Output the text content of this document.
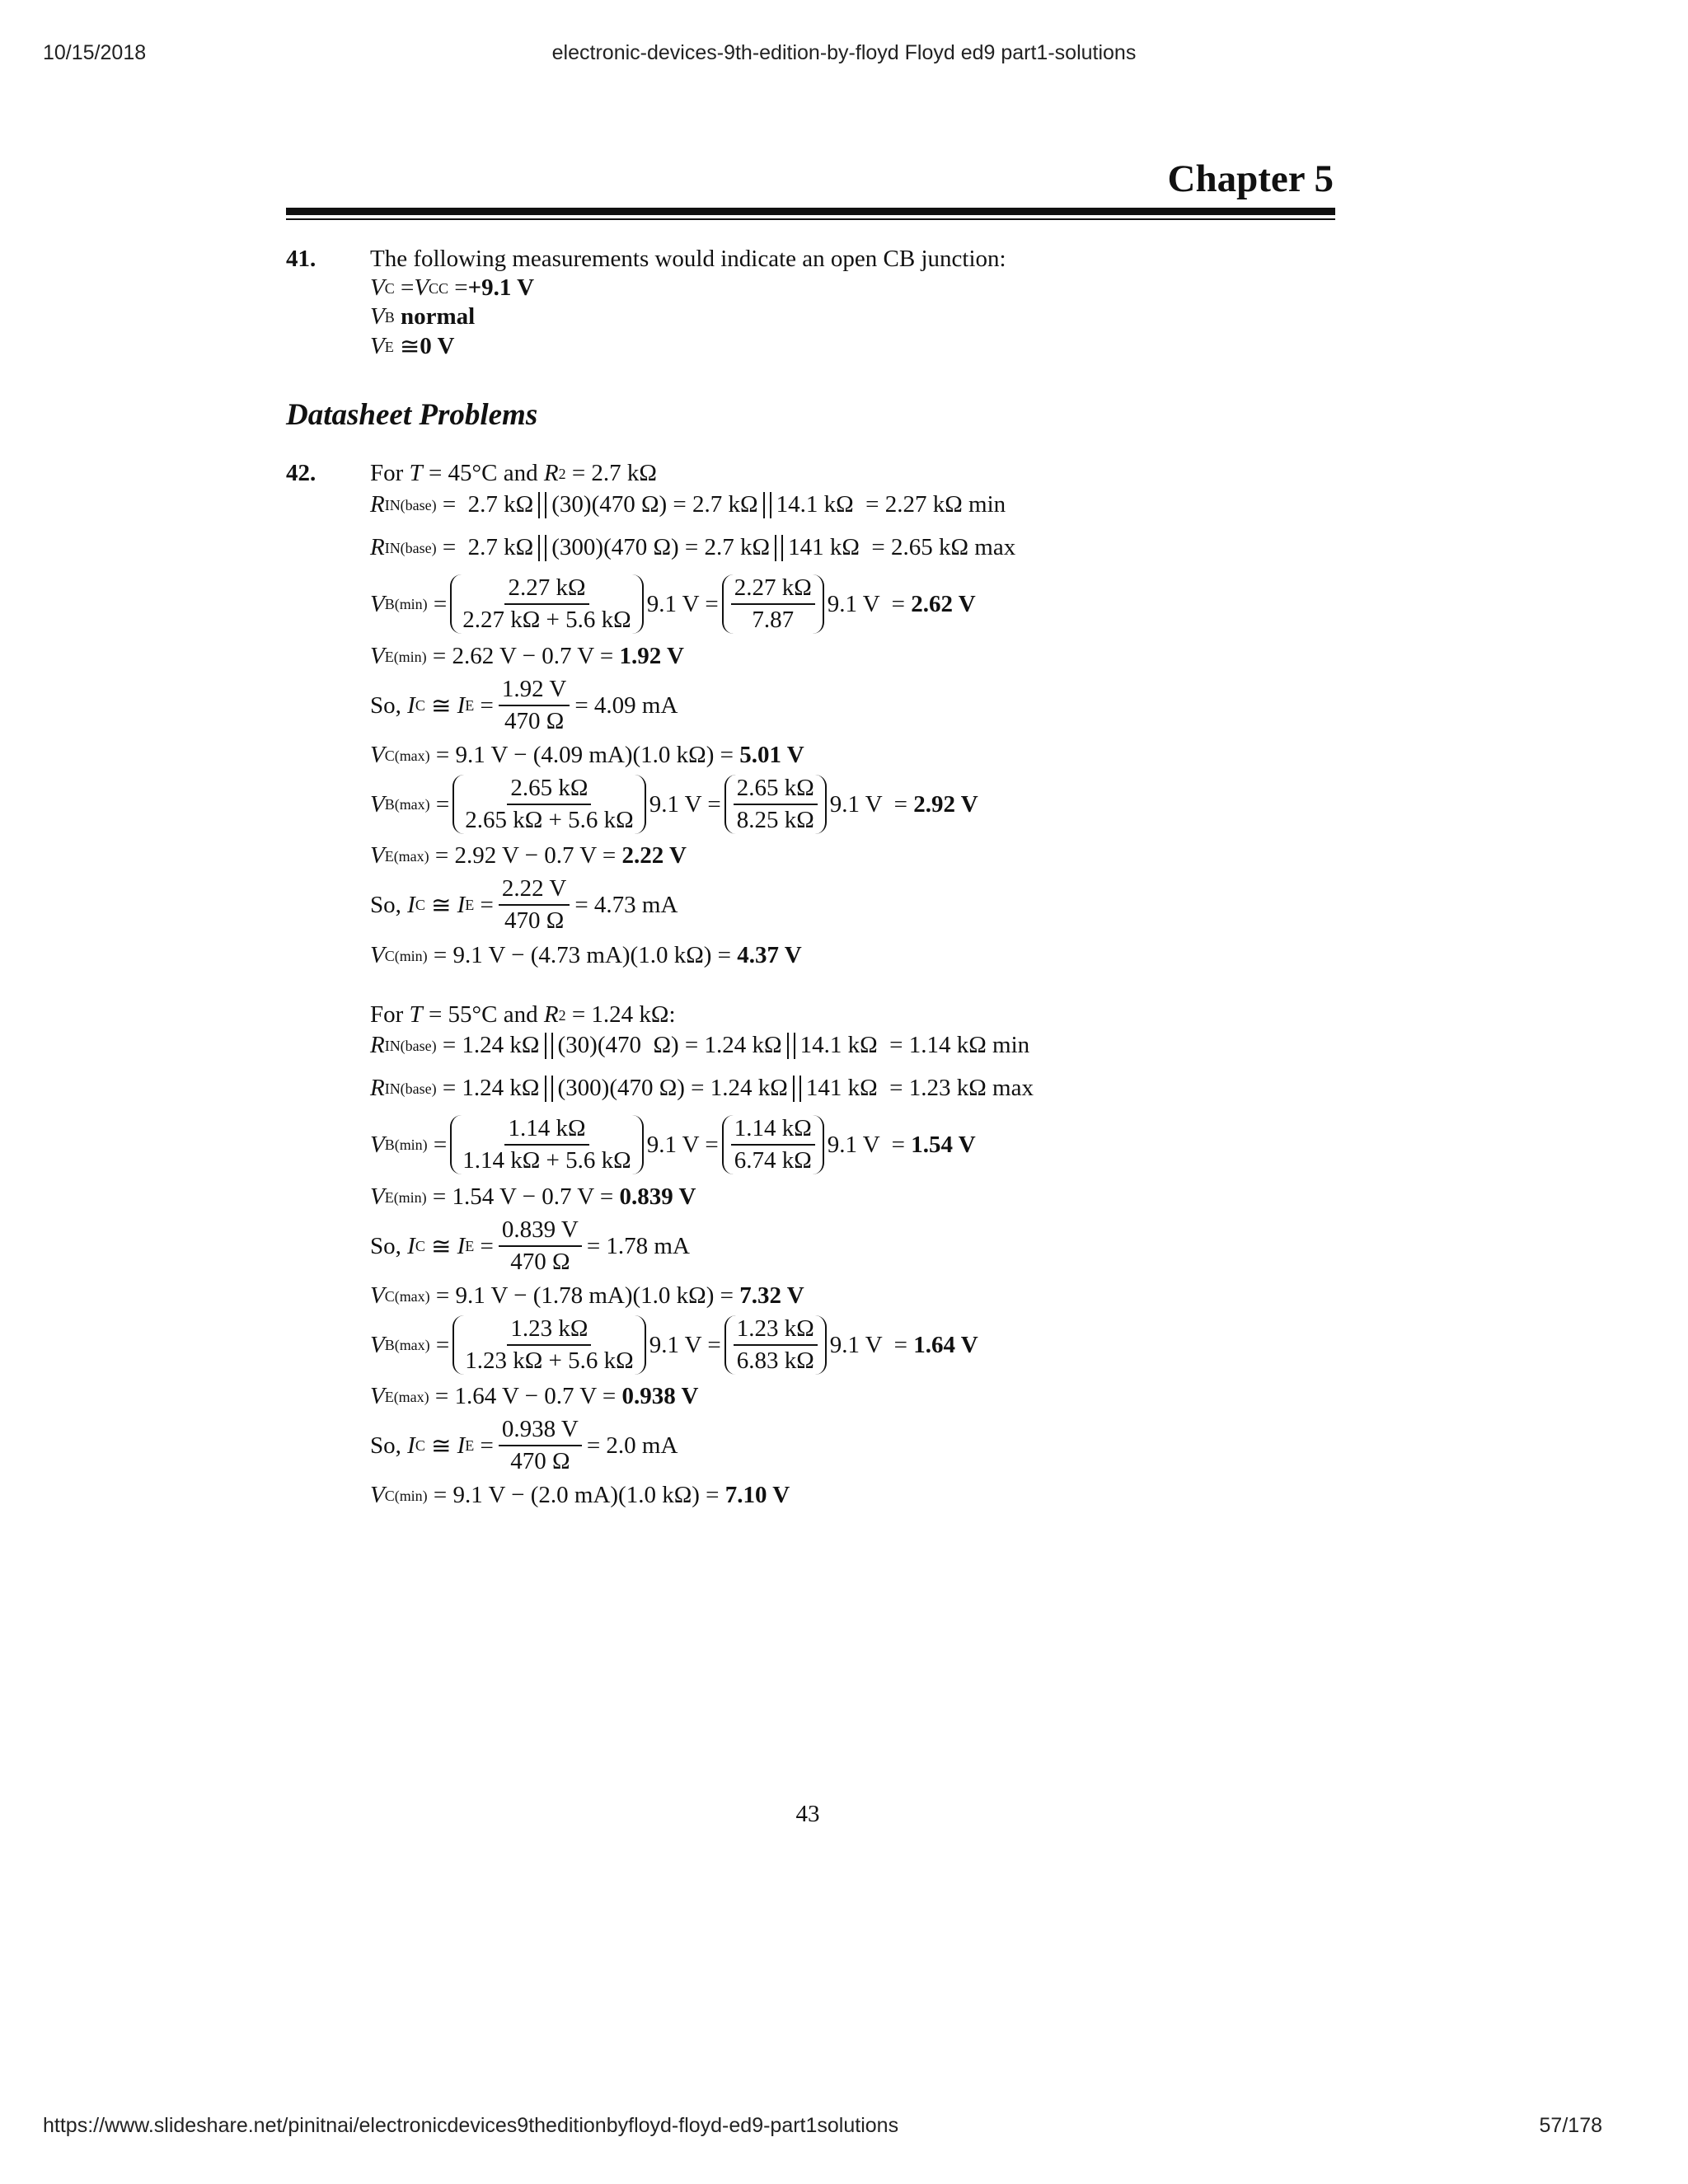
10/15/2018	electronic-devices-9th-edition-by-floyd Floyd ed9 part1-solutions
https://www.slideshare.net/pinitnai/electronicdevices9theditionbyfloyd-floyd-ed9-part1solutions	57/178
Chapter 5
41. The following measurements would indicate an open CB junction:
V C = V CC = +9.1 V
V B
normal
V E ≅ 0 V
Datasheet Problems
42. For T = 45°C and R 2 = 2.7 kΩ
R IN(base) =  2.7 kΩ (30)(470 Ω) = 2.7 kΩ 14.1 kΩ  = 2.27 kΩ min
R IN(base) =  2.7 kΩ (300)(470 Ω) = 2.7 kΩ 141 kΩ  = 2.65 kΩ max
V $B(\min) = \frac{2.27 k\Omega}{2.27 k\Omega + 5.6 k\Omega} 9.1$ $V = \frac{2.27 k\Omega}{7.87} 9.1$ V  = 2.62 V
V E(min) = 2.62 V − 0.7 V = 1.92 V
So, I C ≅ I $E = \frac{1.92 V}{470 \Omega} = 4.09$ mA
V C(max) = 9.1 V − (4.09 mA)(1.0 kΩ) = 5.01 V
V $B(\max) = \frac{2.65 k\Omega}{2.65 k\Omega + 5.6 k\Omega} 9.1$ $V = \frac{2.65 k\Omega}{8.25 k\Omega} 9.1$ V  = 2.92 V
V E(max) = 2.92 V − 0.7 V = 2.22 V
So, I C ≅ I $E = \frac{2.22 V}{470 \Omega} = 4.73$ mA
V C(min) = 9.1 V − (4.73 mA)(1.0 kΩ) = 4.37 V
For T = 55°C and R 2 = 1.24 kΩ:
R IN(base) = 1.24 kΩ (30)(470  Ω) = 1.24 kΩ 14.1 kΩ  = 1.14 kΩ min
R IN(base) = 1.24 kΩ (300)(470 Ω) = 1.24 kΩ 141 kΩ  = 1.23 kΩ max
V $B(\min) = \frac{1.14 k\Omega}{1.14 k\Omega + 5.6 k\Omega} 9.1$ $V = \frac{1.14 k\Omega}{6.74 k\Omega} 9.1$ V  = 1.54 V
V E(min) = 1.54 V − 0.7 V = 0.839 V
So, I C ≅ I $E = \frac{0.839 V}{470 \Omega} = 1.78$ mA
V C(max) = 9.1 V − (1.78 mA)(1.0 kΩ) = 7.32 V
V $B(\max) = \frac{1.23 k\Omega}{1.23 k\Omega + 5.6 k\Omega} 9.1$ $V = \frac{1.23 k\Omega}{6.83 k\Omega} 9.1$ V  = 1.64 V
V E(max) = 1.64 V − 0.7 V = 0.938 V
So, I C ≅ I $E = \frac{0.938 V}{470 \Omega} = 2.0$ mA
V C(min) = 9.1 V − (2.0 mA)(1.0 kΩ) = 7.10 V
43
